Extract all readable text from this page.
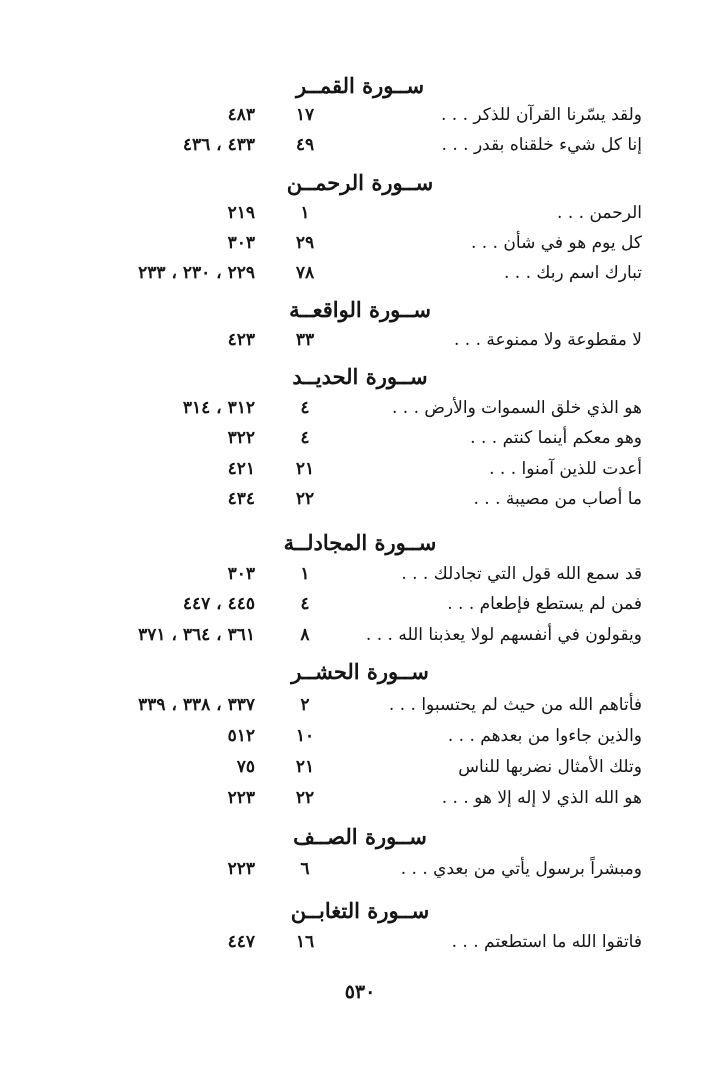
ســورة القمــر
ولقد يسّرنا القرآن للذكر . . .
١٧
٤٨٣
إنا كل شيء خلقناه بقدر . . .
٤٩
٤٣٣ ، ٤٣٦
ســورة الرحمــن
الرحمن . . .
١
٢١٩
كل يوم هو في شأن . . .
٢٩
٣٠٣
تبارك اسم ربك . . .
٧٨
٢٢٩ ، ٢٣٠ ، ٢٣٣
ســورة الواقعــة
لا مقطوعة ولا ممنوعة . . .
٣٣
٤٢٣
ســورة الحديــد
هو الذي خلق السموات والأرض . . .
٤
٣١٢ ، ٣١٤
وهو معكم أينما كنتم . . .
٤
٣٢٢
أعدت للذين آمنوا . . .
٢١
٤٢١
ما أصاب من مصيبة . . .
٢٢
٤٣٤
ســورة المجادلــة
قد سمع الله قول التي تجادلك . . .
١
٣٠٣
فمن لم يستطع فإطعام . . .
٤
٤٤٥ ، ٤٤٧
ويقولون في أنفسهم لولا يعذبنا الله . . .
٨
٣٦١ ، ٣٦٤ ، ٣٧١
ســورة الحشــر
فأتاهم الله من حيث لم يحتسبوا . . .
٢
٣٣٧ ، ٣٣٨ ، ٣٣٩
والذين جاءوا من بعدهم . . .
١٠
٥١٢
وتلك الأمثال نضربها للناس
٢١
٧٥
هو الله الذي لا إله إلا هو . . .
٢٢
٢٢٣
ســورة الصــف
ومبشراً برسول يأتي من بعدي . . .
٦
٢٢٣
ســورة التغابــن
فاتقوا الله ما استطعتم . . .
١٦
٤٤٧
٥٣٠
